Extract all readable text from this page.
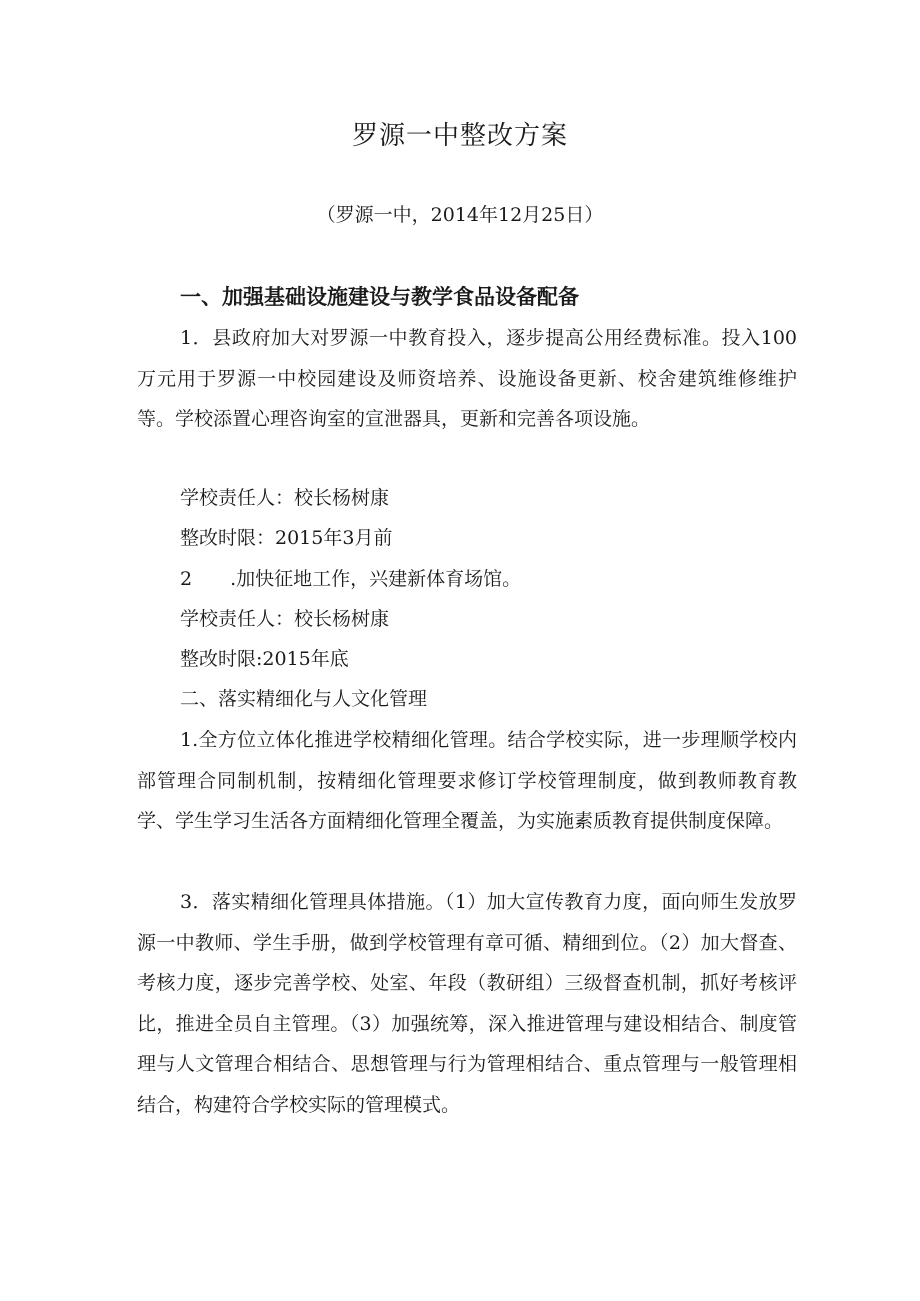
罗源一中整改方案
（罗源一中，2014年12月25日）
一、加强基础设施建设与教学食品设备配备
1．县政府加大对罗源一中教育投入，逐步提高公用经费标准。投入100万元用于罗源一中校园建设及师资培养、设施设备更新、校舍建筑维修维护等。学校添置心理咨询室的宣泄器具，更新和完善各项设施。
学校责任人：校长杨树康
整改时限：2015年3月前
2　　.加快征地工作，兴建新体育场馆。
学校责任人：校长杨树康
整改时限:2015年底
二、落实精细化与人文化管理
1.全方位立体化推进学校精细化管理。结合学校实际，进一步理顺学校内部管理合同制机制，按精细化管理要求修订学校管理制度，做到教师教育教学、学生学习生活各方面精细化管理全覆盖，为实施素质教育提供制度保障。
3．落实精细化管理具体措施。（1）加大宣传教育力度，面向师生发放罗源一中教师、学生手册，做到学校管理有章可循、精细到位。（2）加大督查、考核力度，逐步完善学校、处室、年段（教研组）三级督查机制，抓好考核评比，推进全员自主管理。（3）加强统筹，深入推进管理与建设相结合、制度管理与人文管理合相结合、思想管理与行为管理相结合、重点管理与一般管理相结合，构建符合学校实际的管理模式。
